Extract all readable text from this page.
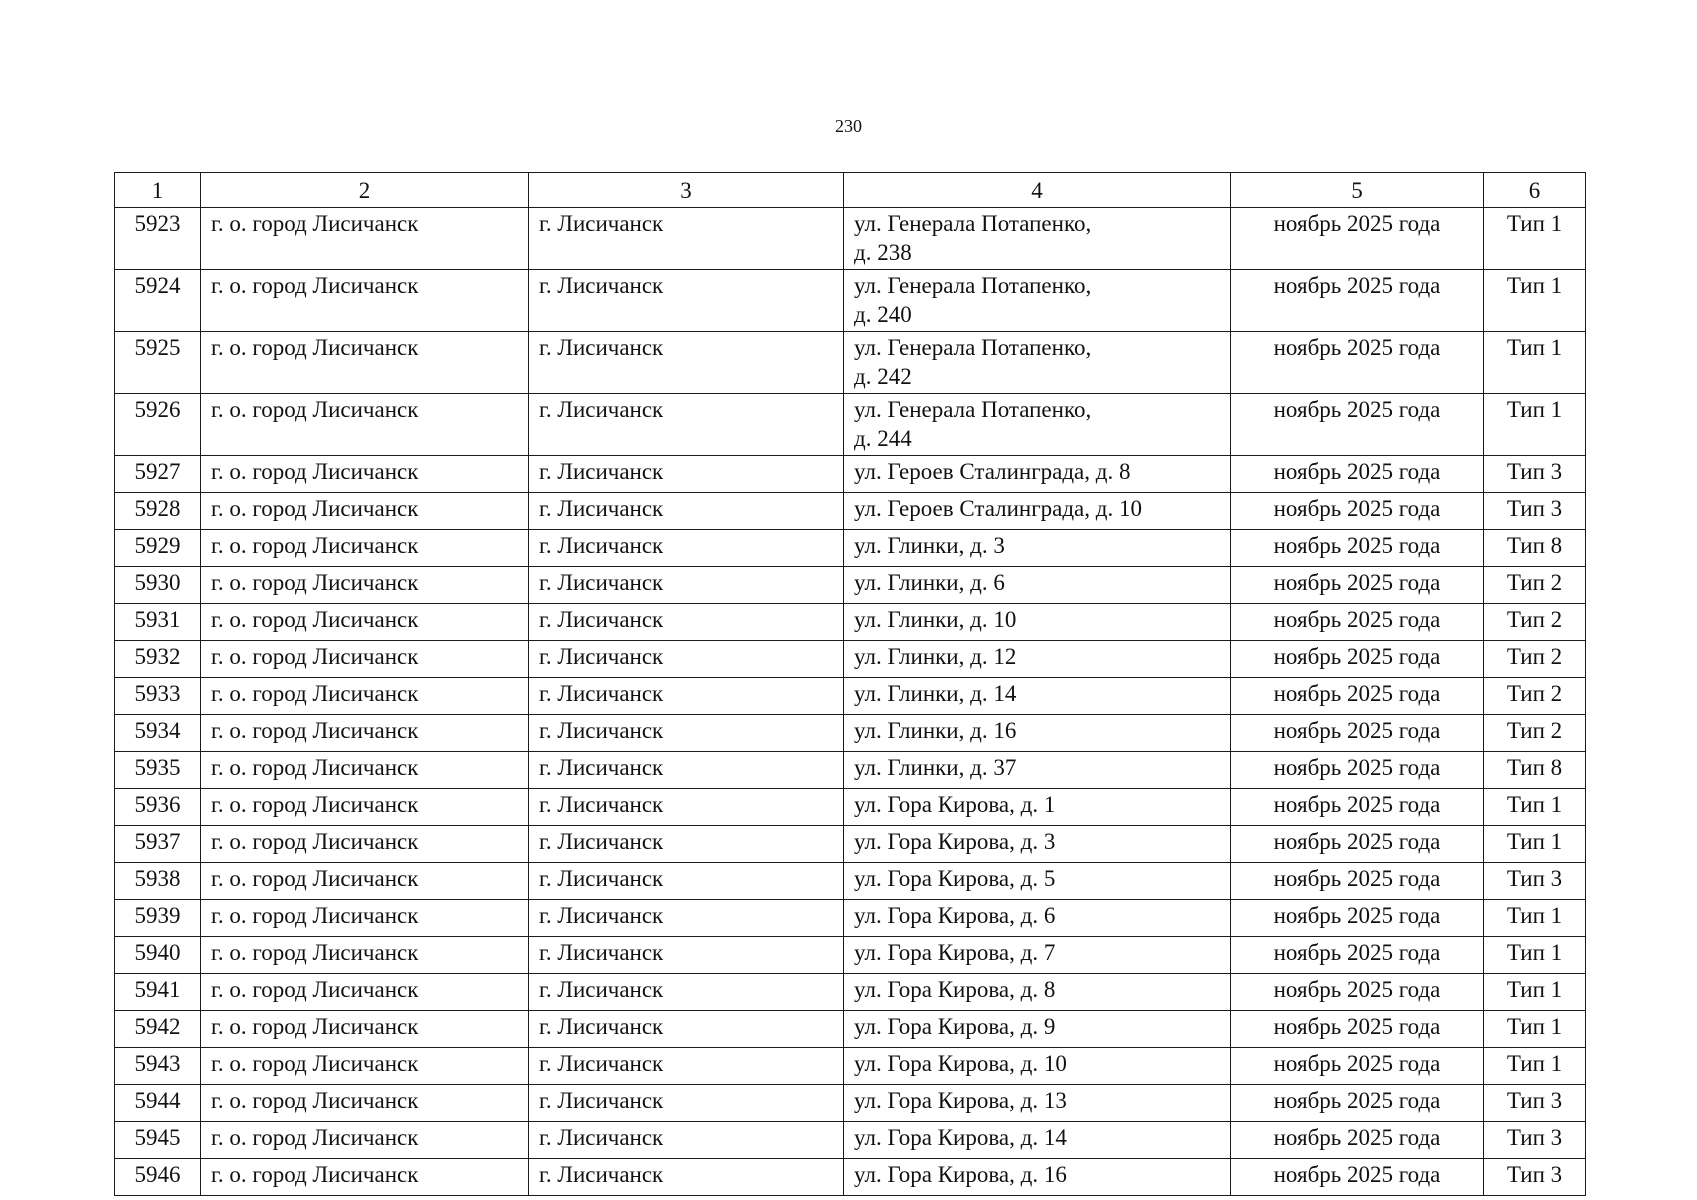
230
1	2	3	4	5	6
5923	г. о. город Лисичанск	г. Лисичанск	ул. Генерала Потапенко,
д. 238	ноябрь 2025 года	Тип 1
5924	г. о. город Лисичанск	г. Лисичанск	ул. Генерала Потапенко,
д. 240	ноябрь 2025 года	Тип 1
5925	г. о. город Лисичанск	г. Лисичанск	ул. Генерала Потапенко,
д. 242	ноябрь 2025 года	Тип 1
5926	г. о. город Лисичанск	г. Лисичанск	ул. Генерала Потапенко,
д. 244	ноябрь 2025 года	Тип 1
5927	г. о. город Лисичанск	г. Лисичанск	ул. Героев Сталинграда, д. 8	ноябрь 2025 года	Тип 3
5928	г. о. город Лисичанск	г. Лисичанск	ул. Героев Сталинграда, д. 10	ноябрь 2025 года	Тип 3
5929	г. о. город Лисичанск	г. Лисичанск	ул. Глинки, д. 3	ноябрь 2025 года	Тип 8
5930	г. о. город Лисичанск	г. Лисичанск	ул. Глинки, д. 6	ноябрь 2025 года	Тип 2
5931	г. о. город Лисичанск	г. Лисичанск	ул. Глинки, д. 10	ноябрь 2025 года	Тип 2
5932	г. о. город Лисичанск	г. Лисичанск	ул. Глинки, д. 12	ноябрь 2025 года	Тип 2
5933	г. о. город Лисичанск	г. Лисичанск	ул. Глинки, д. 14	ноябрь 2025 года	Тип 2
5934	г. о. город Лисичанск	г. Лисичанск	ул. Глинки, д. 16	ноябрь 2025 года	Тип 2
5935	г. о. город Лисичанск	г. Лисичанск	ул. Глинки, д. 37	ноябрь 2025 года	Тип 8
5936	г. о. город Лисичанск	г. Лисичанск	ул. Гора Кирова, д. 1	ноябрь 2025 года	Тип 1
5937	г. о. город Лисичанск	г. Лисичанск	ул. Гора Кирова, д. 3	ноябрь 2025 года	Тип 1
5938	г. о. город Лисичанск	г. Лисичанск	ул. Гора Кирова, д. 5	ноябрь 2025 года	Тип 3
5939	г. о. город Лисичанск	г. Лисичанск	ул. Гора Кирова, д. 6	ноябрь 2025 года	Тип 1
5940	г. о. город Лисичанск	г. Лисичанск	ул. Гора Кирова, д. 7	ноябрь 2025 года	Тип 1
5941	г. о. город Лисичанск	г. Лисичанск	ул. Гора Кирова, д. 8	ноябрь 2025 года	Тип 1
5942	г. о. город Лисичанск	г. Лисичанск	ул. Гора Кирова, д. 9	ноябрь 2025 года	Тип 1
5943	г. о. город Лисичанск	г. Лисичанск	ул. Гора Кирова, д. 10	ноябрь 2025 года	Тип 1
5944	г. о. город Лисичанск	г. Лисичанск	ул. Гора Кирова, д. 13	ноябрь 2025 года	Тип 3
5945	г. о. город Лисичанск	г. Лисичанск	ул. Гора Кирова, д. 14	ноябрь 2025 года	Тип 3
5946	г. о. город Лисичанск	г. Лисичанск	ул. Гора Кирова, д. 16	ноябрь 2025 года	Тип 3
